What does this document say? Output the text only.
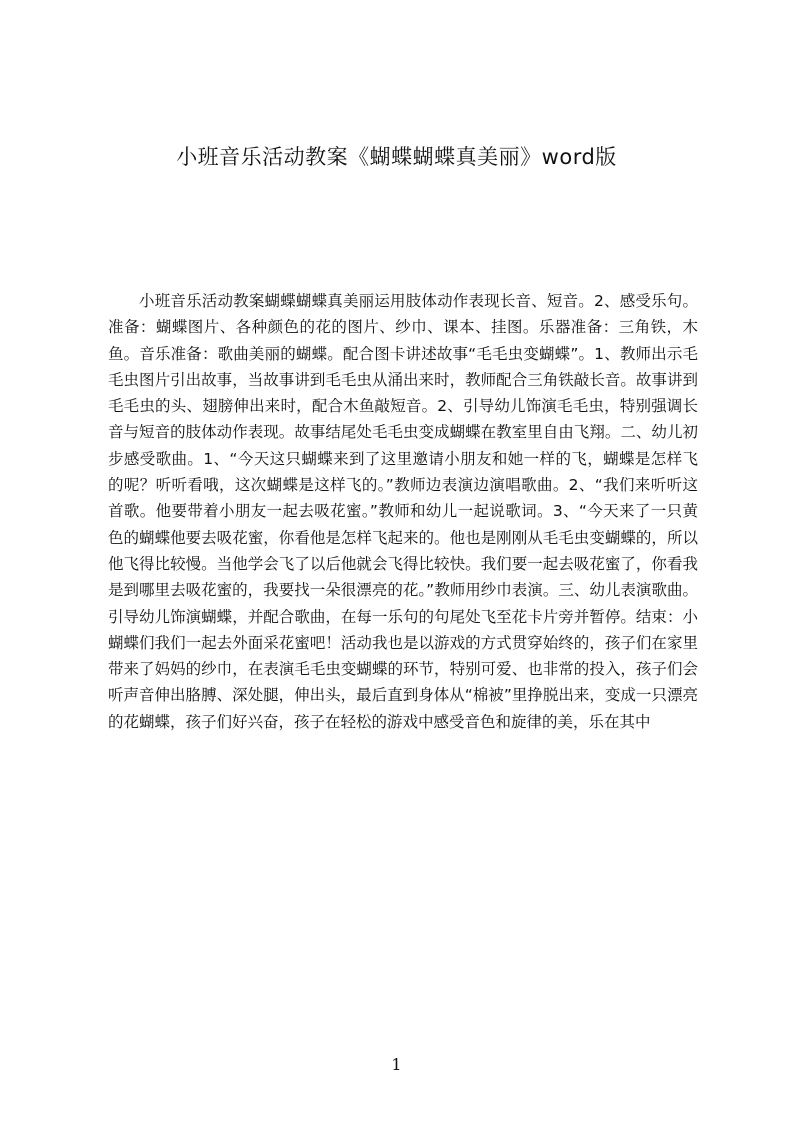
小班音乐活动教案《蝴蝶蝴蝶真美丽》word版

小班音乐活动教案蝴蝶蝴蝶真美丽运用肢体动作表现长音、短音。2、感受乐句。准备：蝴蝶图片、各种颜色的花的图片、纱巾、课本、挂图。乐器准备：三角铁，木鱼。音乐准备：歌曲美丽的蝴蝶。配合图卡讲述故事“毛毛虫变蝴蝶”。1、教师出示毛毛虫图片引出故事，当故事讲到毛毛虫从涌出来时，教师配合三角铁敲长音。故事讲到毛毛虫的头、翅膀伸出来时，配合木鱼敲短音。2、引导幼儿饰演毛毛虫，特别强调长音与短音的肢体动作表现。故事结尾处毛毛虫变成蝴蝶在教室里自由飞翔。二、幼儿初步感受歌曲。1、“今天这只蝴蝶来到了这里邀请小朋友和她一样的飞，蝴蝶是怎样飞的呢？听听看哦，这次蝴蝶是这样飞的。”教师边表演边演唱歌曲。2、“我们来听听这首歌。他要带着小朋友一起去吸花蜜。”教师和幼儿一起说歌词。3、“今天来了一只黄色的蝴蝶他要去吸花蜜，你看他是怎样飞起来的。他也是刚刚从毛毛虫变蝴蝶的，所以他飞得比较慢。当他学会飞了以后他就会飞得比较快。我们要一起去吸花蜜了，你看我是到哪里去吸花蜜的，我要找一朵很漂亮的花。”教师用纱巾表演。三、幼儿表演歌曲。引导幼儿饰演蝴蝶，并配合歌曲，在每一乐句的句尾处飞至花卡片旁并暂停。结束：小蝴蝶们我们一起去外面采花蜜吧！活动我也是以游戏的方式贯穿始终的，孩子们在家里带来了妈妈的纱巾，在表演毛毛虫变蝴蝶的环节，特别可爱、也非常的投入，孩子们会听声音伸出胳膊、深处腿，伸出头，最后直到身体从“棉被”里挣脱出来，变成一只漂亮的花蝴蝶，孩子们好兴奋，孩子在轻松的游戏中感受音色和旋律的美，乐在其中

1
